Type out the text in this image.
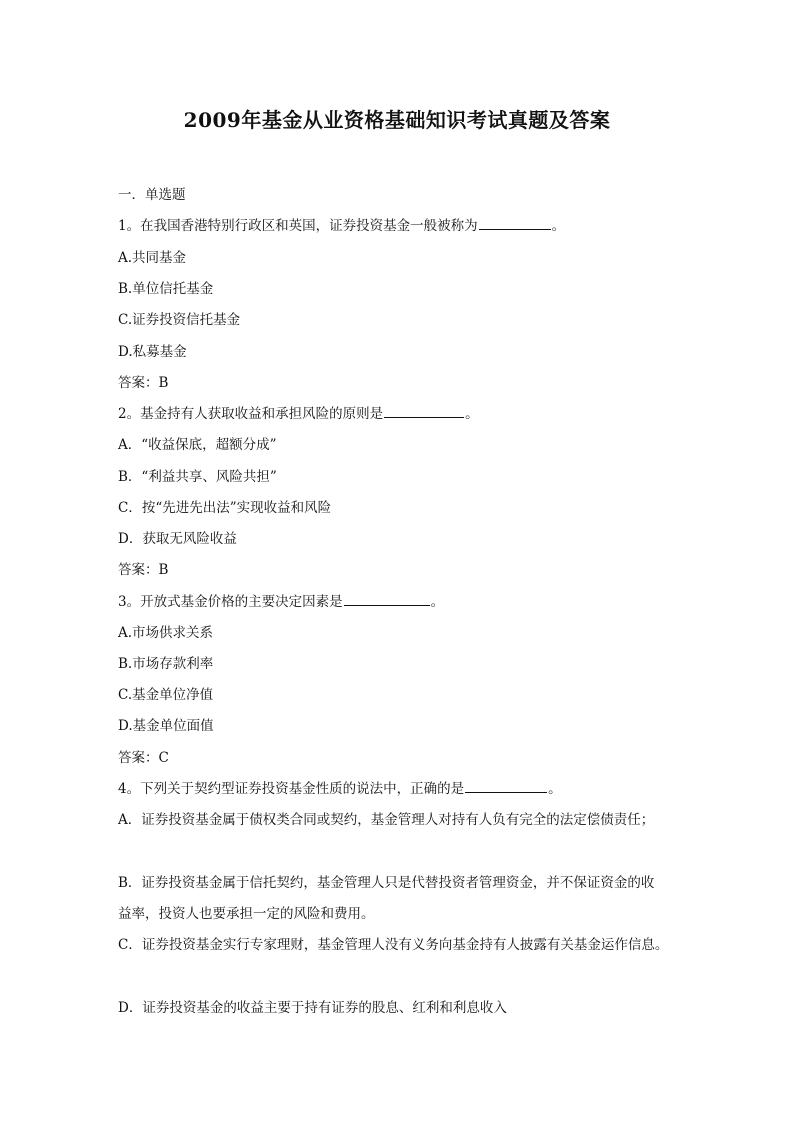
2009年基金从业资格基础知识考试真题及答案
一．单选题
1。在我国香港特别行政区和英国，证券投资基金一般被称为	。
A.共同基金
B.单位信托基金
C.证券投资信托基金
D.私募基金
答案：B
2。基金持有人获取收益和承担风险的原则是	。
A．“收益保底，超额分成”
B．“利益共享、风险共担”
C．按“先进先出法”实现收益和风险
D．获取无风险收益
答案：B
3。开放式基金价格的主要决定因素是	。
A.市场供求关系
B.市场存款利率
C.基金单位净值
D.基金单位面值
答案：C
4。下列关于契约型证券投资基金性质的说法中，正确的是	。
A．证券投资基金属于债权类合同或契约，基金管理人对持有人负有完全的法定偿债责任；
B．证券投资基金属于信托契约，基金管理人只是代替投资者管理资金，并不保证资金的收
益率，投资人也要承担一定的风险和费用。
C．证券投资基金实行专家理财，基金管理人没有义务向基金持有人披露有关基金运作信息。
D．证券投资基金的收益主要于持有证券的股息、红利和利息收入
